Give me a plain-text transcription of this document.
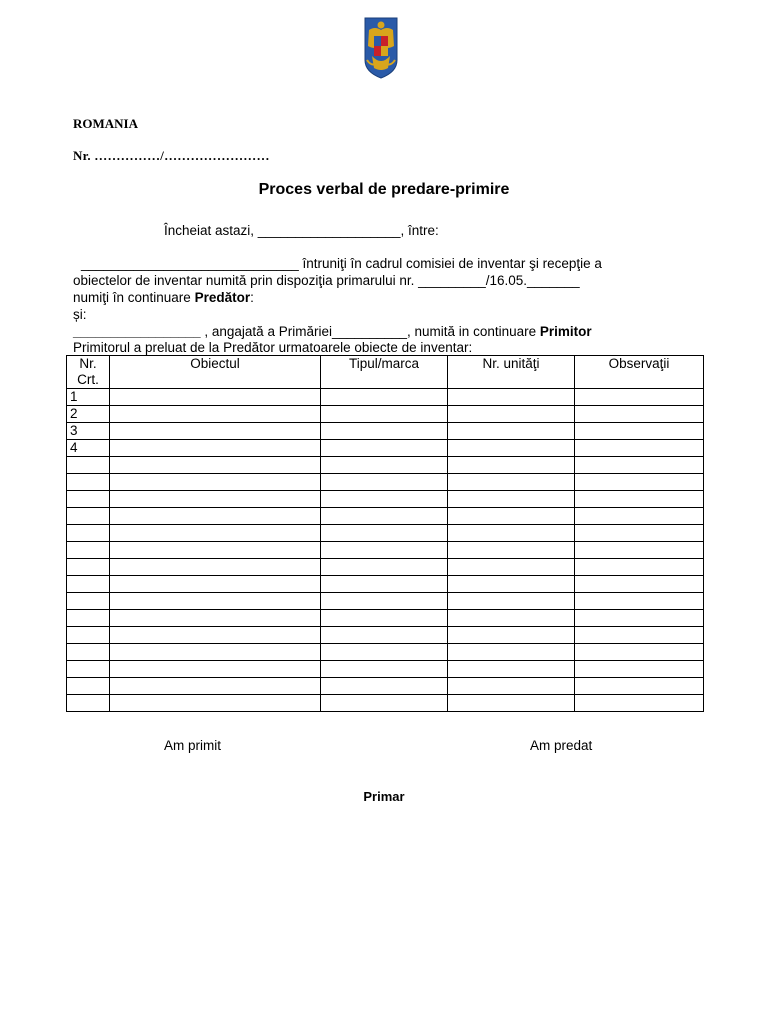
ROMANIA
Nr. ……………/……………………
Proces verbal de predare-primire
Încheiat astazi, ___________________, între:
_____________________________ întruniţi în cadrul comisiei de inventar şi recepţie a
obiectelor de inventar numită prin dispoziţia primarului nr. _________/16.05._______
numiţi în continuare Predător:
și:
_________________ , angajată a Primăriei__________, numită in continuare Primitor
Primitorul a preluat de la Predător urmatoarele obiecte de inventar:
Nr.
Crt.	Obiectul	Tipul/marca	Nr. unităţi	Observaţii
1				
2				
3				
4				

Am primit	Am predat
Primar
